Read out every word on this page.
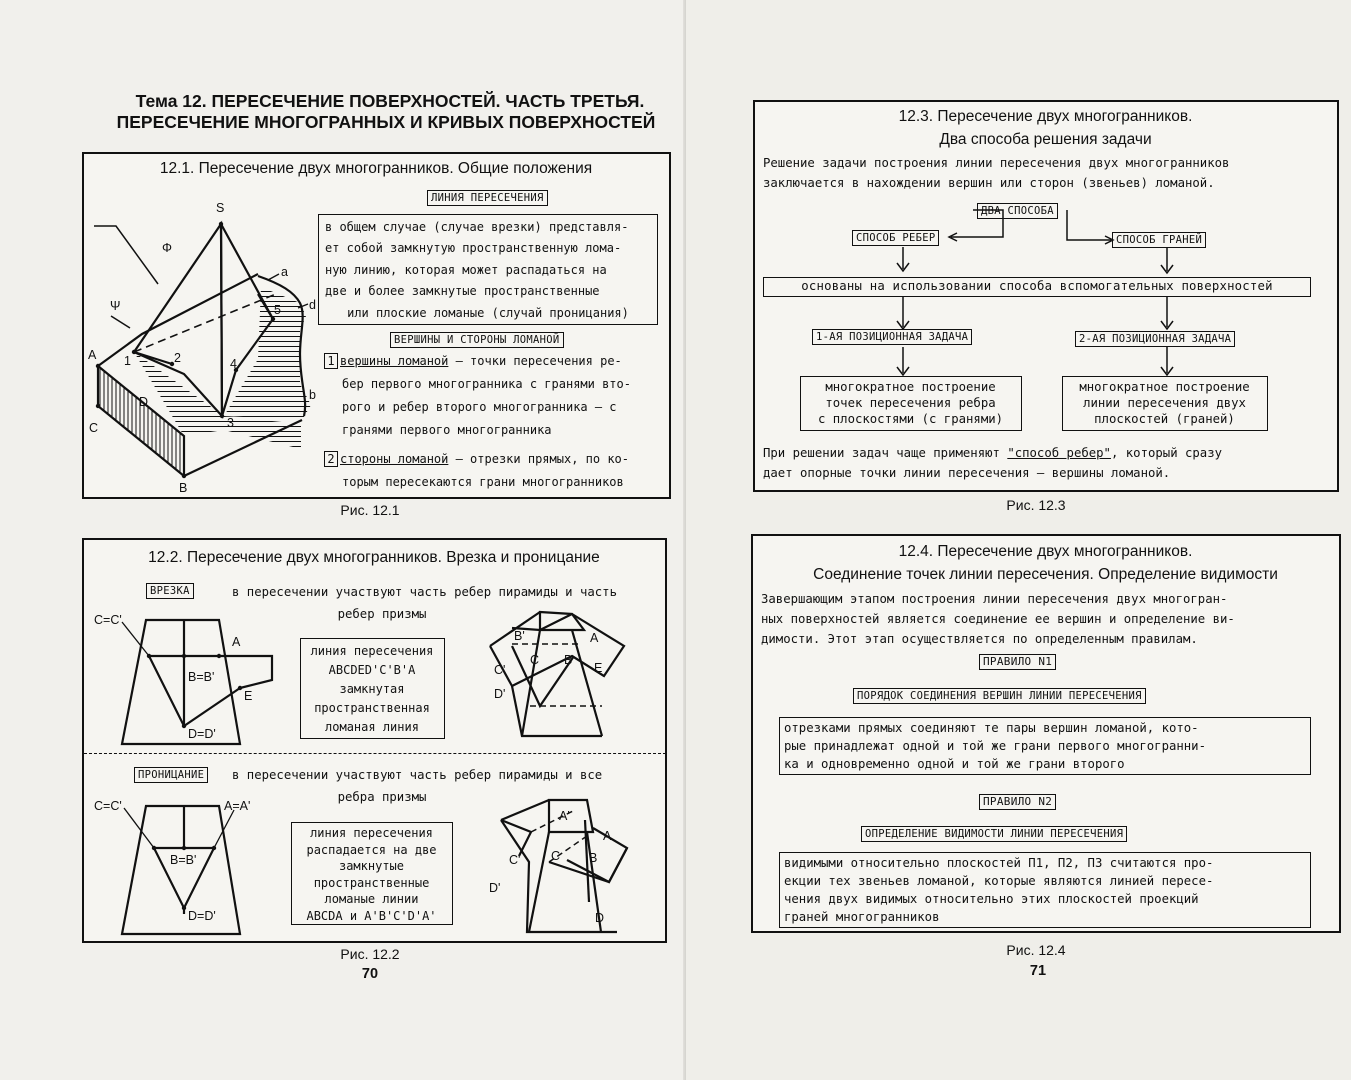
Тема 12. ПЕРЕСЕЧЕНИЕ ПОВЕРХНОСТЕЙ. ЧАСТЬ ТРЕТЬЯ.
ПЕРЕСЕЧЕНИЕ МНОГОГРАННЫХ И КРИВЫХ ПОВЕРХНОСТЕЙ
12.1. Пересечение двух многогранников. Общие положения
S
Φ
Ψ
a
d
b
A
C
B
D
1	2
3
4
5
ЛИНИЯ ПЕРЕСЕЧЕНИЯ
в общем случае (случае врезки) представля-
ет собой замкнутую пространственную лома-
ную линию, которая может распадаться на
две и более замкнутые пространственные
или плоские ломаные (случай проницания)
ВЕРШИНЫ И СТОРОНЫ ЛОМАНОЙ
1 вершины ломаной – точки пересечения ре-
бер первого многогранника с гранями вто-
рого и ребер второго многогранника – с
гранями первого многогранника
2 стороны ломаной – отрезки прямых, по ко-
торым пересекаются грани многогранников
Рис. 12.1
12.2. Пересечение двух многогранников. Врезка и проницание
ВРЕЗКА	в пересечении участвуют часть ребер пирамиды и часть
ребер призмы
C=C'
A
B=B'
E
D=D'
линия пересечения
ABCDED'C'B'A
замкнутая
пространственная
ломаная линия
B'	A
C'
C B
E
D'
ПРОНИЦАНИЕ	в пересечении участвуют часть ребер пирамиды и все
ребра призмы
C=C'	A=A'
B=B'
D=D'
линия пересечения
распадается на две
замкнутые
пространственные
ломаные линии
ABCDA и A'B'C'D'A'
A'
A
C'	B
C
D'
D
Рис. 12.2
70
12.3. Пересечение двух многогранников.
Два способа решения задачи
Решение задачи построения линии пересечения двух многогранников
заключается в нахождении вершин или сторон (звеньев) ломаной.
ДВА СПОСОБА
СПОСОБ РЕБЕР	СПОСОБ ГРАНЕЙ
основаны на использовании способа вспомогательных поверхностей
1-АЯ ПОЗИЦИОННАЯ ЗАДАЧА	2-АЯ ПОЗИЦИОННАЯ ЗАДАЧА
многократное построение
точек пересечения ребра
с плоскостями (с гранями)
многократное построение
линии пересечения двух
плоскостей (граней)
При решении задач чаще применяют "способ ребер", который сразу
дает опорные точки линии пересечения – вершины ломаной.
Рис. 12.3
12.4. Пересечение двух многогранников.
Соединение точек линии пересечения. Определение видимости
Завершающим этапом построения линии пересечения двух многогран-
ных поверхностей является соединение ее вершин и определение ви-
димости. Этот этап осуществляется по определенным правилам.
ПРАВИЛО N1
ПОРЯДОК СОЕДИНЕНИЯ ВЕРШИН ЛИНИИ ПЕРЕСЕЧЕНИЯ
отрезками прямых соединяют те пары вершин ломаной, кото-
рые принадлежат одной и той же грани первого многогранни-
ка и одновременно одной и той же грани второго
ПРАВИЛО N2
ОПРЕДЕЛЕНИЕ ВИДИМОСТИ ЛИНИИ ПЕРЕСЕЧЕНИЯ
видимыми относительно плоскостей П1, П2, П3 считаются про-
екции тех звеньев ломаной, которые являются линией пересе-
чения двух видимых относительно этих плоскостей проекций
граней многогранников
Рис. 12.4
71
